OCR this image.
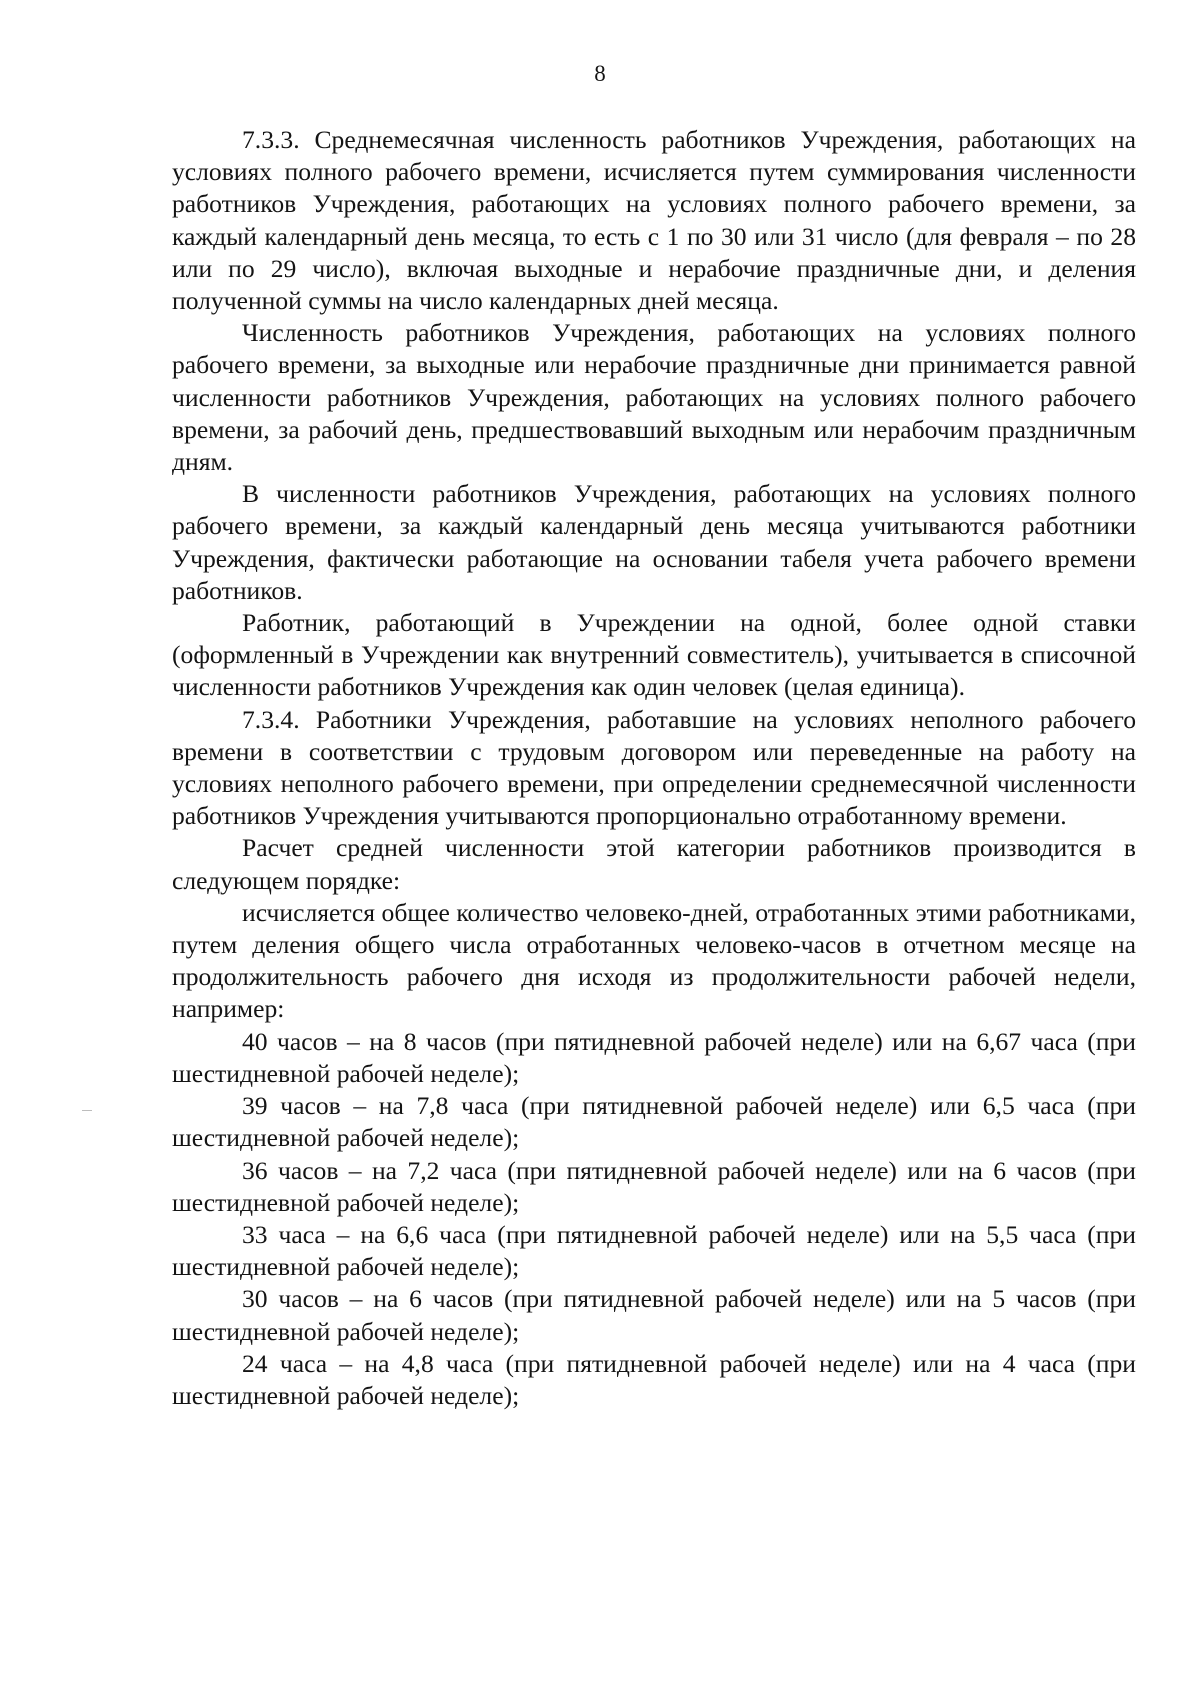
8

7.3.3. Среднемесячная численность работников Учреждения, работающих на условиях полного рабочего времени, исчисляется путем суммирования численности работников Учреждения, работающих на условиях полного рабочего времени, за каждый календарный день месяца, то есть с 1 по 30 или 31 число (для февраля – по 28 или по 29 число), включая выходные и нерабочие праздничные дни, и деления полученной суммы на число календарных дней месяца.

Численность работников Учреждения, работающих на условиях полного рабочего времени, за выходные или нерабочие праздничные дни принимается равной численности работников Учреждения, работающих на условиях полного рабочего времени, за рабочий день, предшествовавший выходным или нерабочим праздничным дням.

В численности работников Учреждения, работающих на условиях полного рабочего времени, за каждый календарный день месяца учитываются работники Учреждения, фактически работающие на основании табеля учета рабочего времени работников.

Работник, работающий в Учреждении на одной, более одной ставки (оформленный в Учреждении как внутренний совместитель), учитывается в списочной численности работников Учреждения как один человек (целая единица).

7.3.4. Работники Учреждения, работавшие на условиях неполного рабочего времени в соответствии с трудовым договором или переведенные на работу на условиях неполного рабочего времени, при определении среднемесячной численности работников Учреждения учитываются пропорционально отработанному времени.

Расчет средней численности этой категории работников производится в следующем порядке:

исчисляется общее количество человеко-дней, отработанных этими работниками, путем деления общего числа отработанных человеко-часов в отчетном месяце на продолжительность рабочего дня исходя из продолжительности рабочей недели, например:

40 часов – на 8 часов (при пятидневной рабочей неделе) или на 6,67 часа (при шестидневной рабочей неделе);

39 часов – на 7,8 часа (при пятидневной рабочей неделе) или 6,5 часа (при шестидневной рабочей неделе);

36 часов – на 7,2 часа (при пятидневной рабочей неделе) или на 6 часов (при шестидневной рабочей неделе);

33 часа – на 6,6 часа (при пятидневной рабочей неделе) или на 5,5 часа (при шестидневной рабочей неделе);

30 часов – на 6 часов (при пятидневной рабочей неделе) или на 5 часов (при шестидневной рабочей неделе);

24 часа – на 4,8 часа (при пятидневной рабочей неделе) или на 4 часа (при шестидневной рабочей неделе);
